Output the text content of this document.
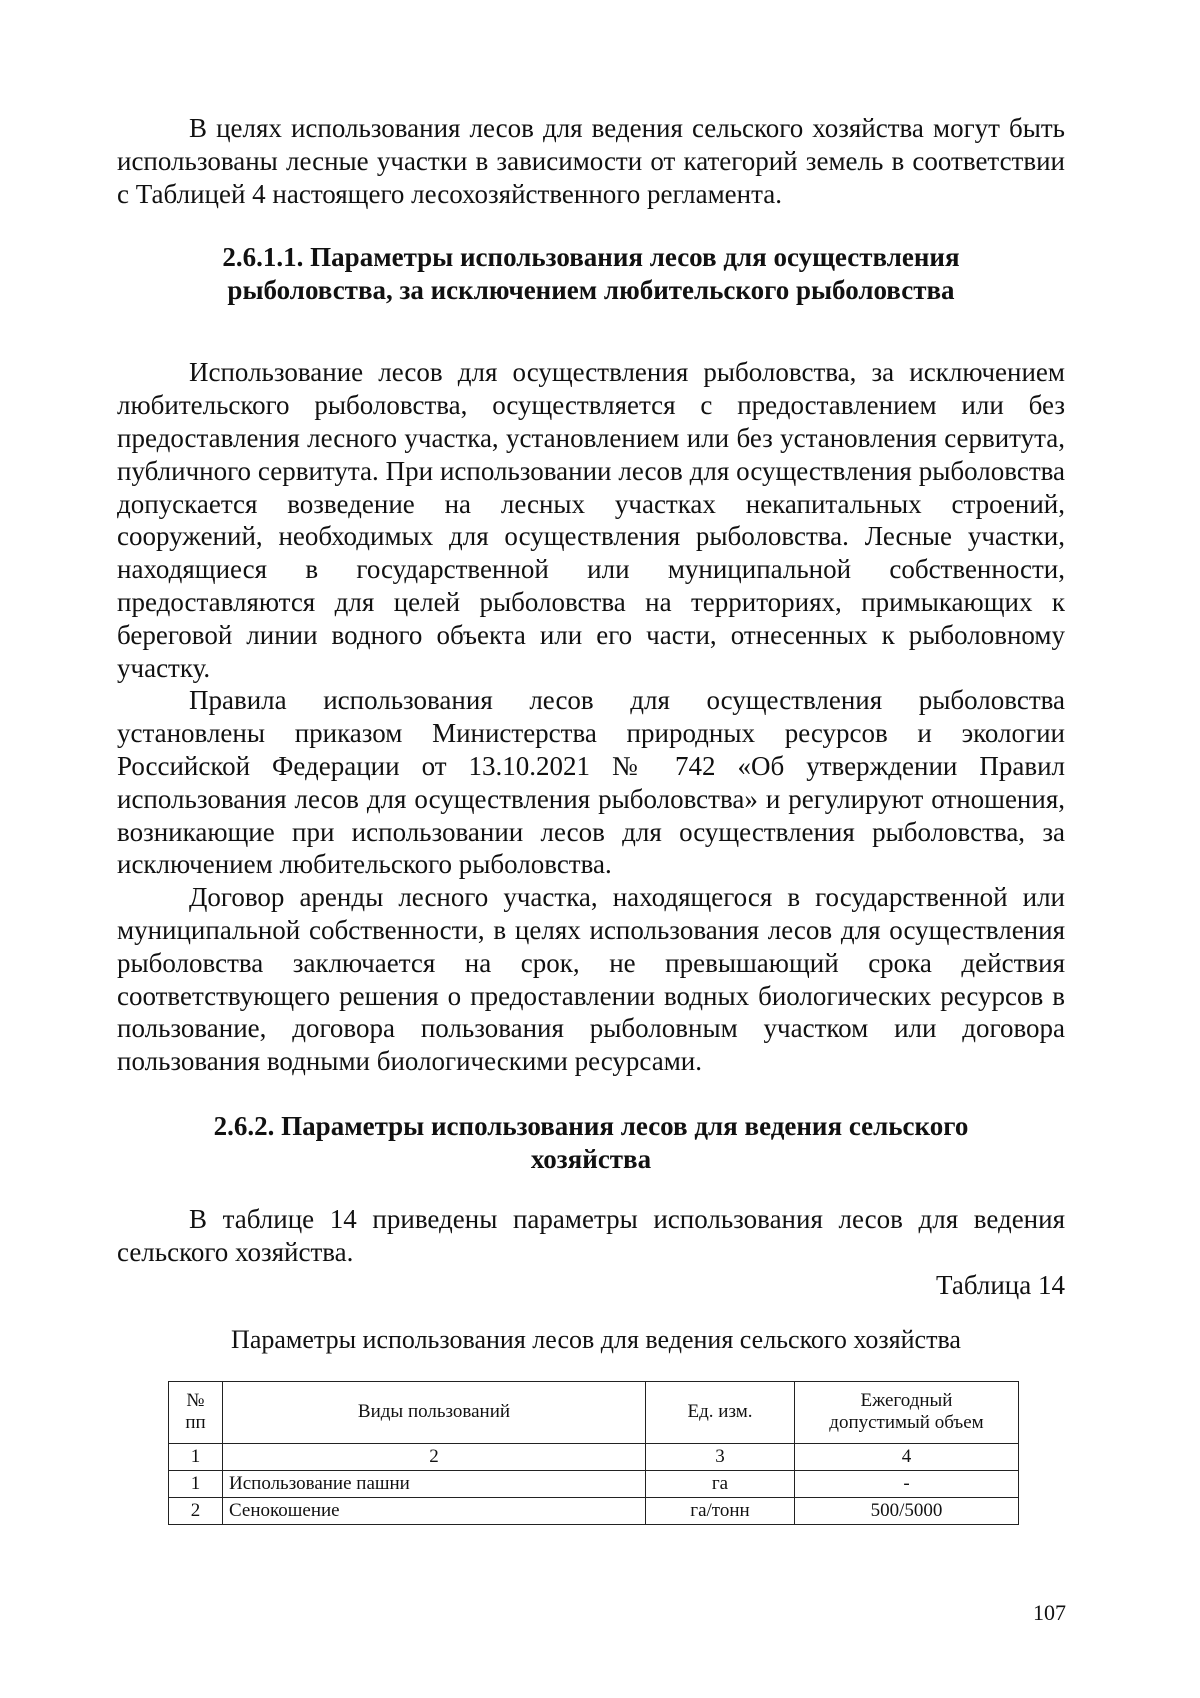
В целях использования лесов для ведения сельского хозяйства могут быть использованы лесные участки в зависимости от категорий земель в соответствии с Таблицей 4 настоящего лесохозяйственного регламента.

2.6.1.1. Параметры использования лесов для осуществления
рыболовства, за исключением любительского рыболовства

Использование лесов для осуществления рыболовства, за исключением любительского рыболовства, осуществляется с предоставлением или без предоставления лесного участка, установлением или без установления сервитута, публичного сервитута. При использовании лесов для осуществления рыболовства допускается возведение на лесных участках некапитальных строений, сооружений, необходимых для осуществления рыболовства. Лесные участки, находящиеся в государственной или муниципальной собственности, предоставляются для целей рыболовства на территориях, примыкающих к береговой линии водного объекта или его части, отнесенных к рыболовному участку.

Правила использования лесов для осуществления рыболовства установлены приказом Министерства природных ресурсов и экологии Российской Федерации от 13.10.2021 № 742 «Об утверждении Правил использования лесов для осуществления рыболовства» и регулируют отношения, возникающие при использовании лесов для осуществления рыболовства, за исключением любительского рыболовства.

Договор аренды лесного участка, находящегося в государственной или муниципальной собственности, в целях использования лесов для осуществления рыболовства заключается на срок, не превышающий срока действия соответствующего решения о предоставлении водных биологических ресурсов в пользование, договора пользования рыболовным участком или договора пользования водными биологическими ресурсами.

2.6.2. Параметры использования лесов для ведения сельского
хозяйства

В таблице 14 приведены параметры использования лесов для ведения сельского хозяйства.

Таблица 14

Параметры использования лесов для ведения сельского хозяйства

№
пп	Виды пользований	Ед. изм.	Ежегодный
допустимый объем
1	2	3	4
1	Использование пашни	га	-
2	Сенокошение	га/тонн	500/5000
107
